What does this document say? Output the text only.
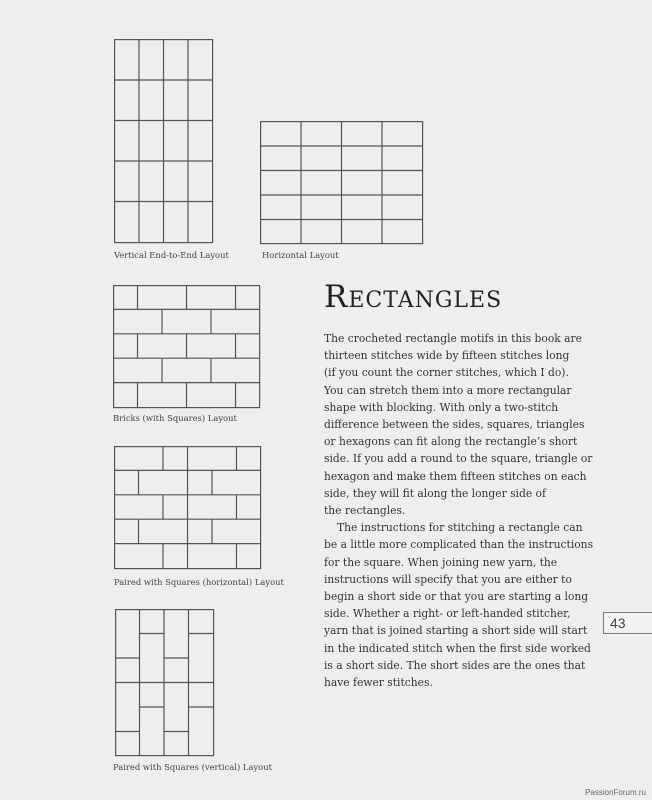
Vertical End-to-End Layout	Horizontal Layout
Bricks (with Squares) Layout
Paired with Squares (horizontal) Layout
Paired with Squares (vertical) Layout
Rectangles

The crocheted rectangle motifs in this book are
thirteen stitches wide by fifteen stitches long
(if you count the corner stitches, which I do).
You can stretch them into a more rectangular
shape with blocking. With only a two-stitch
difference between the sides, squares, triangles
or hexagons can fit along the rectangle’s short
side. If you add a round to the square, triangle or
hexagon and make them fifteen stitches on each
side, they will fit along the longer side of
the rectangles.

The instructions for stitching a rectangle can
be a little more complicated than the instructions
for the square. When joining new yarn, the
instructions will specify that you are either to
begin a short side or that you are starting a long
side. Whether a right- or left-handed stitcher,
yarn that is joined starting a short side will start
in the indicated stitch when the first side worked
is a short side. The short sides are the ones that
have fewer stitches.

43
PassionForum.ru
